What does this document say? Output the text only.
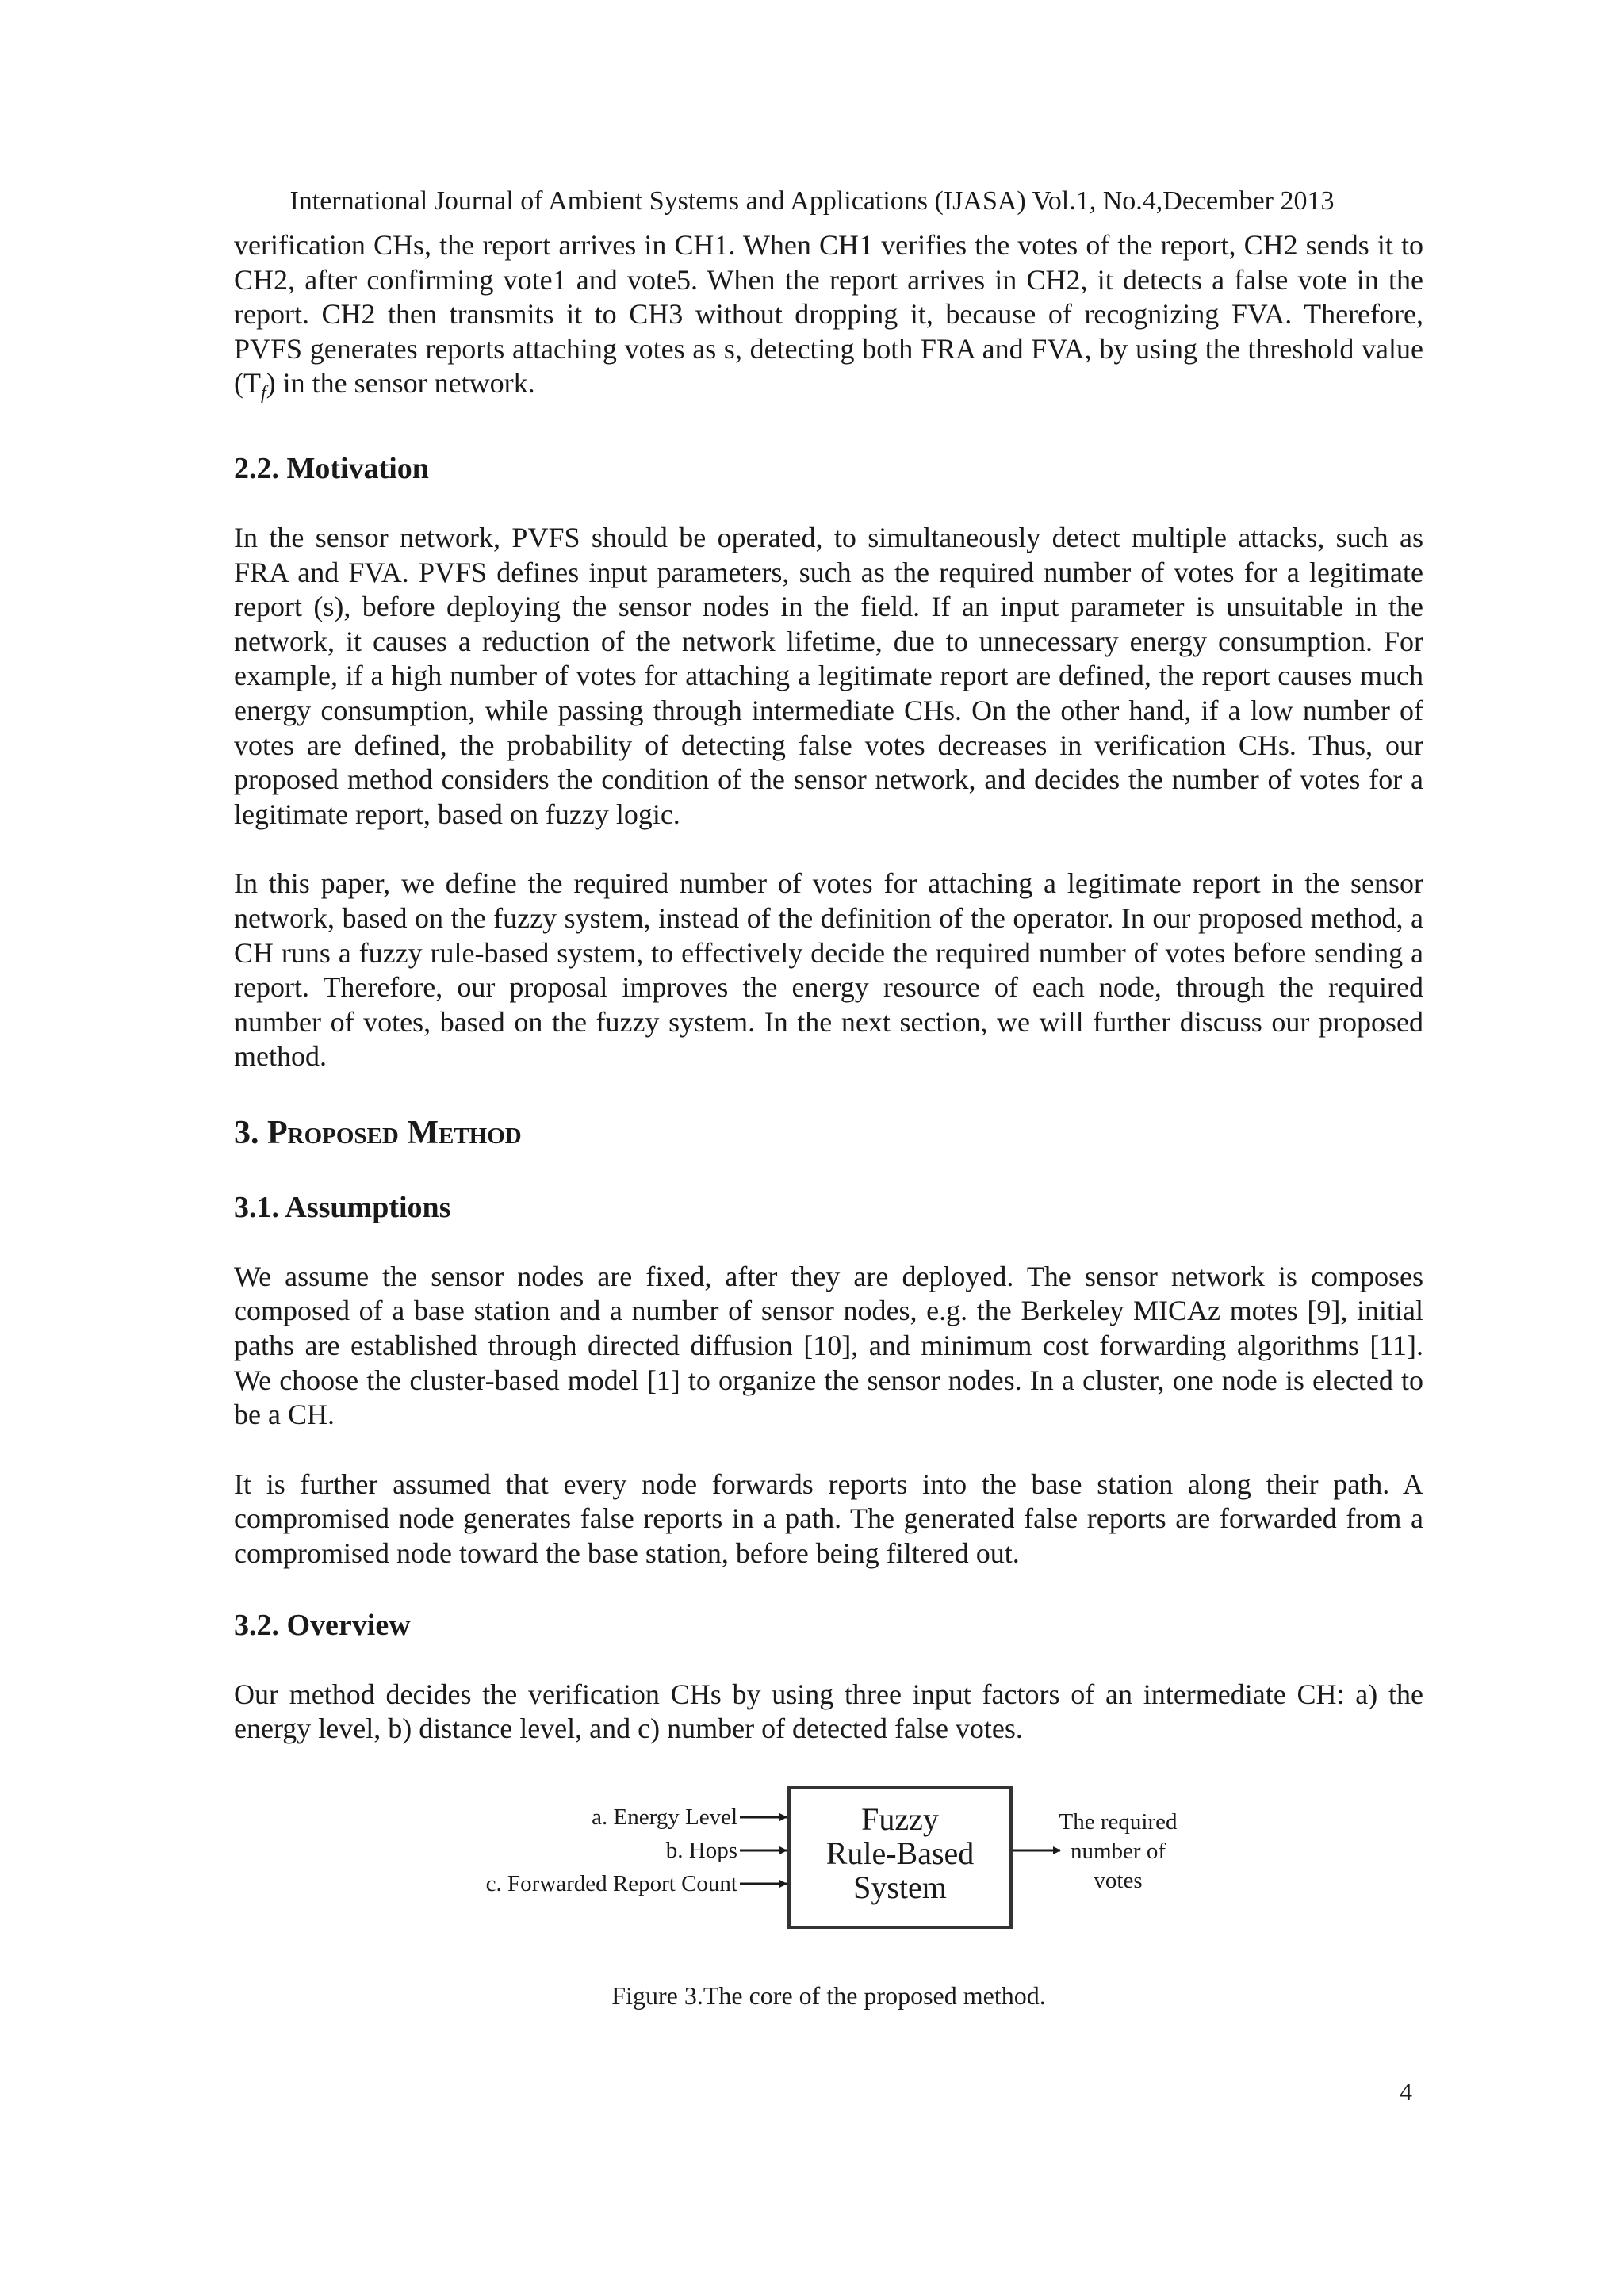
International Journal of Ambient Systems and Applications (IJASA) Vol.1, No.4,December 2013

verification CHs, the report arrives in CH1. When CH1 verifies the votes of the report, CH2 sends it to CH2, after confirming vote1 and vote5. When the report arrives in CH2, it detects a false vote in the report. CH2 then transmits it to CH3 without dropping it, because of recognizing FVA. Therefore, PVFS generates reports attaching votes as s, detecting both FRA and FVA, by using the threshold value $(T_f)$ in the sensor network.

2.2. Motivation

In the sensor network, PVFS should be operated, to simultaneously detect multiple attacks, such as FRA and FVA. PVFS defines input parameters, such as the required number of votes for a legitimate report (s), before deploying the sensor nodes in the field. If an input parameter is unsuitable in the network, it causes a reduction of the network lifetime, due to unnecessary energy consumption. For example, if a high number of votes for attaching a legitimate report are defined, the report causes much energy consumption, while passing through intermediate CHs. On the other hand, if a low number of votes are defined, the probability of detecting false votes decreases in verification CHs. Thus, our proposed method considers the condition of the sensor network, and decides the number of votes for a legitimate report, based on fuzzy logic.

In this paper, we define the required number of votes for attaching a legitimate report in the sensor network, based on the fuzzy system, instead of the definition of the operator. In our proposed method, a CH runs a fuzzy rule-based system, to effectively decide the required number of votes before sending a report. Therefore, our proposal improves the energy resource of each node, through the required number of votes, based on the fuzzy system. In the next section, we will further discuss our proposed method.

3. Proposed Method
3.1. Assumptions

We assume the sensor nodes are fixed, after they are deployed. The sensor network is composes composed of a base station and a number of sensor nodes, e.g. the Berkeley MICAz motes [9], initial paths are established through directed diffusion [10], and minimum cost forwarding algorithms [11]. We choose the cluster-based model [1] to organize the sensor nodes. In a cluster, one node is elected to be a CH.

It is further assumed that every node forwards reports into the base station along their path. A compromised node generates false reports in a path. The generated false reports are forwarded from a compromised node toward the base station, before being filtered out.

3.2. Overview

Our method decides the verification CHs by using three input factors of an intermediate CH: a) the energy level, b) distance level, and c) number of detected false votes.

a. Energy Level
b. Hops
c. Forwarded Report Count
Fuzzy
Rule-Based
System
The required
number of
votes

Figure 3.The core of the proposed method.

4
